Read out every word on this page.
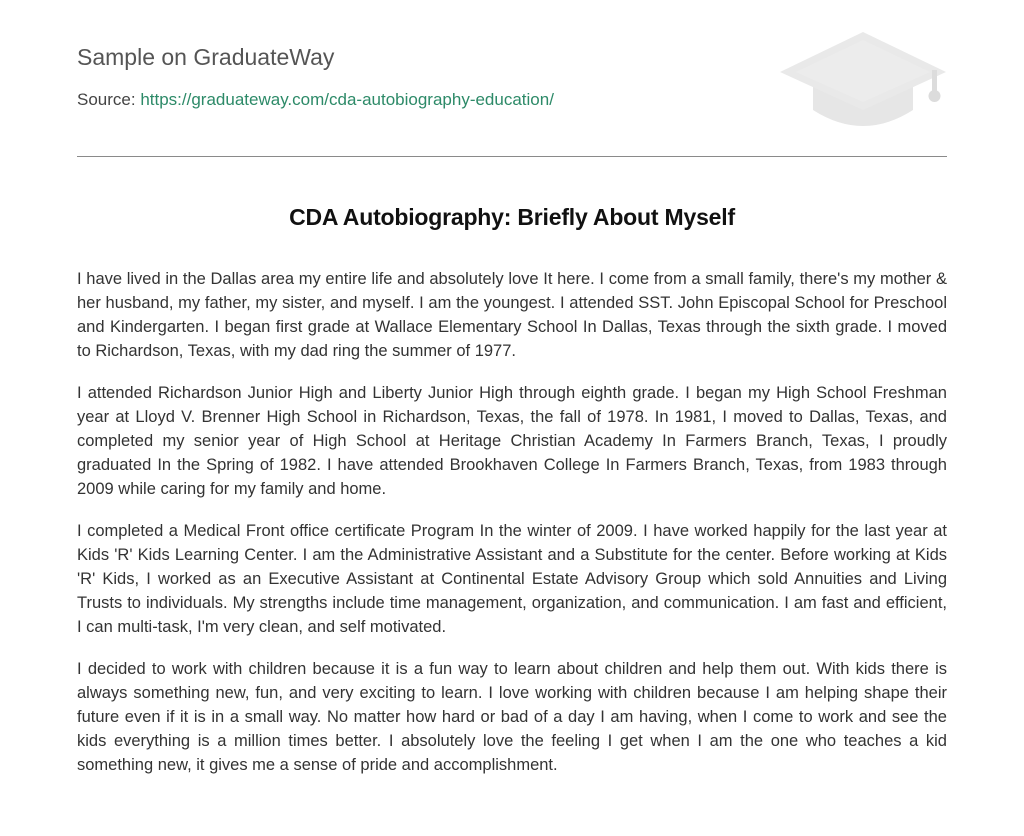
Sample on GraduateWay
Source: https://graduateway.com/cda-autobiography-education/
CDA Autobiography: Briefly About Myself

I have lived in the Dallas area my entire life and absolutely love It here. I come from a small family, there's my mother & her husband, my father, my sister, and myself. I am the youngest. I attended SST. John Episcopal School for Preschool and Kindergarten. I began first grade at Wallace Elementary School In Dallas, Texas through the sixth grade. I moved to Richardson, Texas, with my dad ring the summer of 1977.

I attended Richardson Junior High and Liberty Junior High through eighth grade. I began my High School Freshman year at Lloyd V. Brenner High School in Richardson, Texas, the fall of 1978. In 1981, I moved to Dallas, Texas, and completed my senior year of High School at Heritage Christian Academy In Farmers Branch, Texas, I proudly graduated In the Spring of 1982. I have attended Brookhaven College In Farmers Branch, Texas, from 1983 through 2009 while caring for my family and home.

I completed a Medical Front office certificate Program In the winter of 2009. I have worked happily for the last year at Kids 'R' Kids Learning Center. I am the Administrative Assistant and a Substitute for the center. Before working at Kids 'R' Kids, I worked as an Executive Assistant at Continental Estate Advisory Group which sold Annuities and Living Trusts to individuals. My strengths include time management, organization, and communication. I am fast and efficient, I can multi-task, I'm very clean, and self motivated.

I decided to work with children because it is a fun way to learn about children and help them out. With kids there is always something new, fun, and very exciting to learn. I love working with children because I am helping shape their future even if it is in a small way. No matter how hard or bad of a day I am having, when I come to work and see the kids everything is a million times better. I absolutely love the feeling I get when I am the one who teaches a kid something new, it gives me a sense of pride and accomplishment.
